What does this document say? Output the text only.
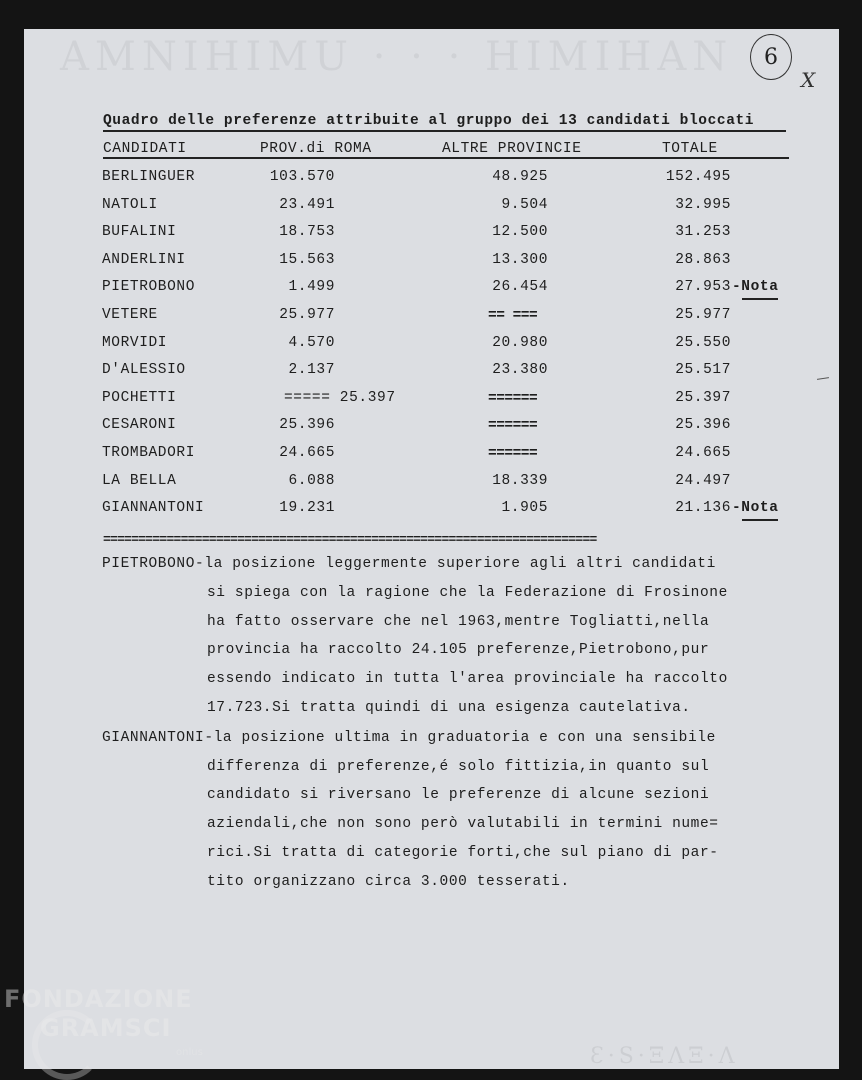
AMNIHIMU · · · HIMIHAN
Ɛ·S·ΞΛΞ·Λ
6
X
Quadro delle preferenze attribuite al gruppo dei 13 candidati bloccati
CANDIDATI	PROV.di ROMA	ALTRE PROVINCIE	TOTALE
BERLINGUER	103.570	48.925	152.495
NATOLI	23.491	9.504	32.995
BUFALINI	18.753	12.500	31.253
ANDERLINI	15.563	13.300	28.863
PIETROBONO	1.499	26.454	27.953 -Nota
VETERE	25.977	== ===	25.977
MORVIDI	4.570	20.980	25.550
D'ALESSIO	2.137	23.380	25.517
POCHETTI	===== 25.397	======	25.397
CESARONI	25.396	======	25.396
TROMBADORI	24.665	======	24.665
LA BELLA	6.088	18.339	24.497
GIANNANTONI	19.231	1.905	21.136 -Nota
======================================================================
PIETROBONO-la posizione leggermente superiore agli altri candidati
si spiega con la ragione che la Federazione di Frosinone
ha fatto osservare che nel 1963,mentre Togliatti,nella
provincia ha raccolto 24.105 preferenze,Pietrobono,pur
essendo indicato in tutta l'area provinciale ha raccolto
17.723.Si tratta quindi di una esigenza cautelativa.
GIANNANTONI-la posizione ultima in graduatoria e con una sensibile
differenza di preferenze,é solo fittizia,in quanto sul
candidato si riversano le preferenze di alcune sezioni
aziendali,che non sono però valutabili in termini nume=
rici.Si tratta di categorie forti,che sul piano di par-
tito organizzano circa 3.000 tesserati.
FONDAZIONE
GRAMSCI
onlus
